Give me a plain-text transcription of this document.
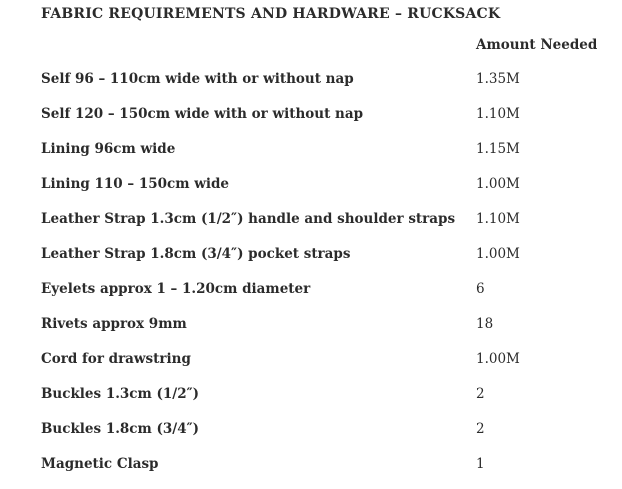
FABRIC REQUIREMENTS AND HARDWARE – RUCKSACK
Amount Needed
Self 96 – 110cm wide with or without nap	1.35M
Self 120 – 150cm wide with or without nap	1.10M
Lining 96cm wide	1.15M
Lining 110 – 150cm wide	1.00M
Leather Strap 1.3cm (1/2″) handle and shoulder straps 1.10M
Leather Strap 1.8cm (3/4″) pocket straps	1.00M
Eyelets approx 1 – 1.20cm diameter	6
Rivets approx 9mm	18
Cord for drawstring	1.00M
Buckles 1.3cm (1/2″)	2
Buckles 1.8cm (3/4″)	2
Magnetic Clasp	1
